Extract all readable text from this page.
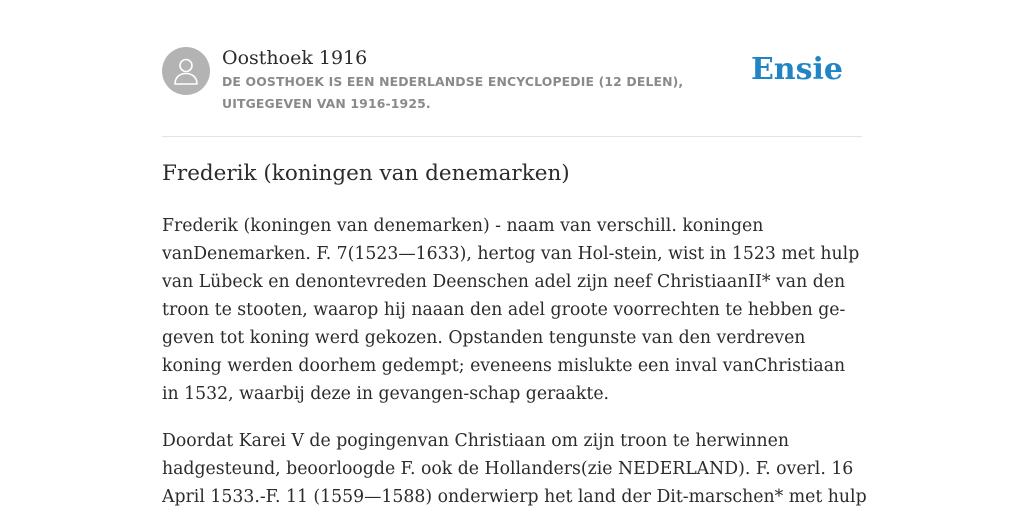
Oosthoek 1916
DE OOSTHOEK IS EEN NEDERLANDSE ENCYCLOPEDIE (12 DELEN), UITGEGEVEN VAN 1916-1925.
Ensie
Frederik (koningen van denemarken)

Frederik (koningen van denemarken) - naam van verschill. koningen vanDenemarken. F. 7(1523—1633), hertog van Hol-stein, wist in 1523 met hulp van Lübeck en denontevreden Deenschen adel zijn neef ChristiaanII* van den troon te stooten, waarop hij naaan den adel groote voorrechten te hebben ge-geven tot koning werd gekozen. Opstanden tengunste van den verdreven koning werden doorhem gedempt; eveneens mislukte een inval vanChristiaan in 1532, waarbij deze in gevangen-schap geraakte.

Doordat Karei V de pogingenvan Christiaan om zijn troon te herwinnen hadgesteund, beoorloogde F. ook de Hollanders(zie NEDERLAND). F. overl. 16 April 1533.-F. 11 (1559—1588) onderwierp het land der Dit-marschen* met hulp
